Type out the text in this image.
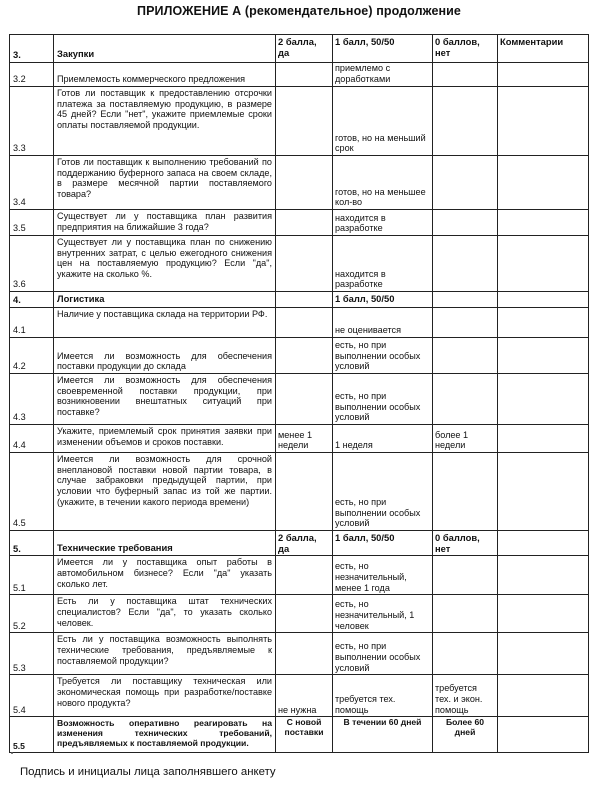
ПРИЛОЖЕНИЕ А (рекомендательное) продолжение
3.	Закупки	2 балла, да	1 балл, 50/50	0 баллов, нет	Комментарии
3.2	Приемлемость коммерческого предложения		приемлемо с доработками		
3.3	Готов ли поставщик к предоставлению отсрочки платежа за поставляемую продукцию, в размере 45 дней? Если "нет", укажите приемлемые сроки оплаты поставляемой продукции.		готов, но на меньший срок		
3.4	Готов ли поставщик к выполнению требований по поддержанию буферного запаса на своем складе, в размере месячной партии поставляемого товара?		готов, но на меньшее кол-во		
3.5	Существует ли у поставщика план развития предприятия на ближайшие 3 года?		находится в разработке		
3.6	Существует ли у поставщика план по снижению внутренних затрат, с целью ежегодного снижения цен на поставляемую продукцию? Если "да", укажите на сколько %.		находится в разработке		
4.	Логистика		1 балл, 50/50		
4.1	Наличие у поставщика склада на территории РФ.		не оценивается		
4.2	Имеется ли возможность для обеспечения поставки продукции до склада		есть, но при выполнении особых условий		
4.3	Имеется ли возможность для обеспечения своевременной поставки продукции, при возникновении внештатных ситуаций при поставке?		есть, но при выполнении особых условий		
4.4	Укажите, приемлемый срок принятия заявки при изменении объемов и сроков поставки.	менее 1 недели	1 неделя	более 1 недели	
4.5	Имеется ли возможность для срочной внеплановой поставки новой партии товара, в случае забраковки предыдущей партии, при условии что буферный запас из той же партии. (укажите, в течении какого периода времени)		есть, но при выполнении особых условий		
5.	Технические требования	2 балла, да	1 балл, 50/50	0 баллов, нет	
5.1	Имеется ли у поставщика опыт работы в автомобильном бизнесе? Если "да" указать сколько лет.		есть, но незначительный, менее 1 года		
5.2	Есть ли у поставщика штат технических специалистов? Если "да", то указать сколько человек.		есть, но незначительный, 1 человек		
5.3	Есть ли у поставщика возможность выполнять технические требования, предъявляемые к поставляемой продукции?		есть, но при выполнении особых условий		
5.4	Требуется ли поставщику техническая или экономическая помощь при разработке/поставке нового продукта?	не нужна	требуется тех. помощь	требуется тех. и экон. помощь	
5.5	Возможность оперативно реагировать на изменения технических требований, предъявляемых к поставляемой продукции.	С новой поставки	В течении 60 дней	Более 60 дней	
Подпись и инициалы лица заполнявшего анкету
